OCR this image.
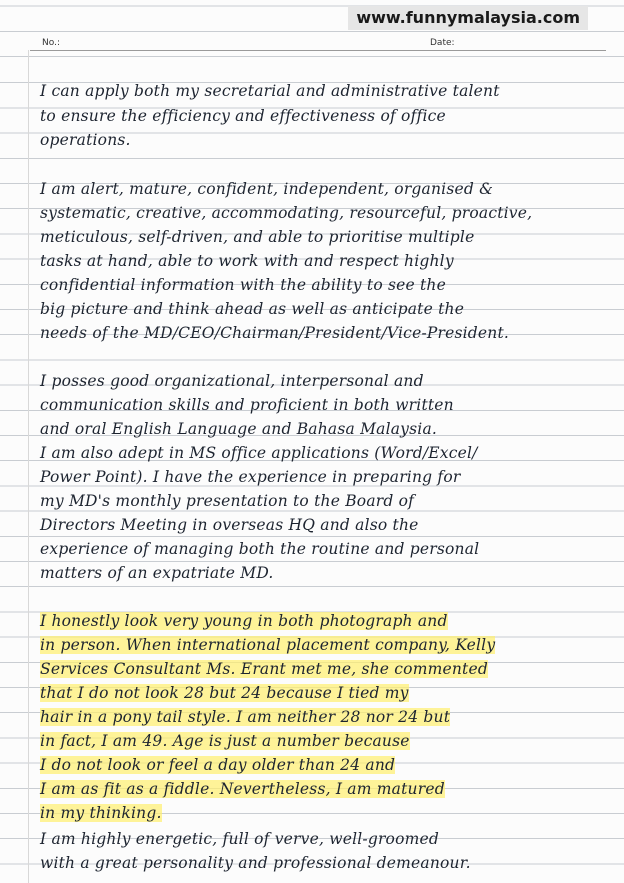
www.funnymalaysia.com
No.:	Date:
I can apply both my secretarial and administrative talent
to ensure the efficiency and effectiveness of office
operations.
I am alert, mature, confident, independent, organised &
systematic, creative, accommodating, resourceful, proactive,
meticulous, self-driven, and able to prioritise multiple
tasks at hand, able to work with and respect highly
confidential information with the ability to see the
big picture and think ahead as well as anticipate the
needs of the MD/CEO/Chairman/President/Vice-President.
I posses good organizational, interpersonal and
communication skills and proficient in both written
and oral English Language and Bahasa Malaysia.
I am also adept in MS office applications (Word/Excel/
Power Point). I have the experience in preparing for
my MD's monthly presentation to the Board of
Directors Meeting in overseas HQ and also the
experience of managing both the routine and personal
matters of an expatriate MD.
I honestly look very young in both photograph and
in person. When international placement company, Kelly
Services Consultant Ms. Erant met me, she commented
that I do not look 28 but 24 because I tied my
hair in a pony tail style. I am neither 28 nor 24 but
in fact, I am 49. Age is just a number because
I do not look or feel a day older than 24 and
I am as fit as a fiddle. Nevertheless, I am matured
in my thinking.
I am highly energetic, full of verve, well-groomed
with a great personality and professional demeanour.
